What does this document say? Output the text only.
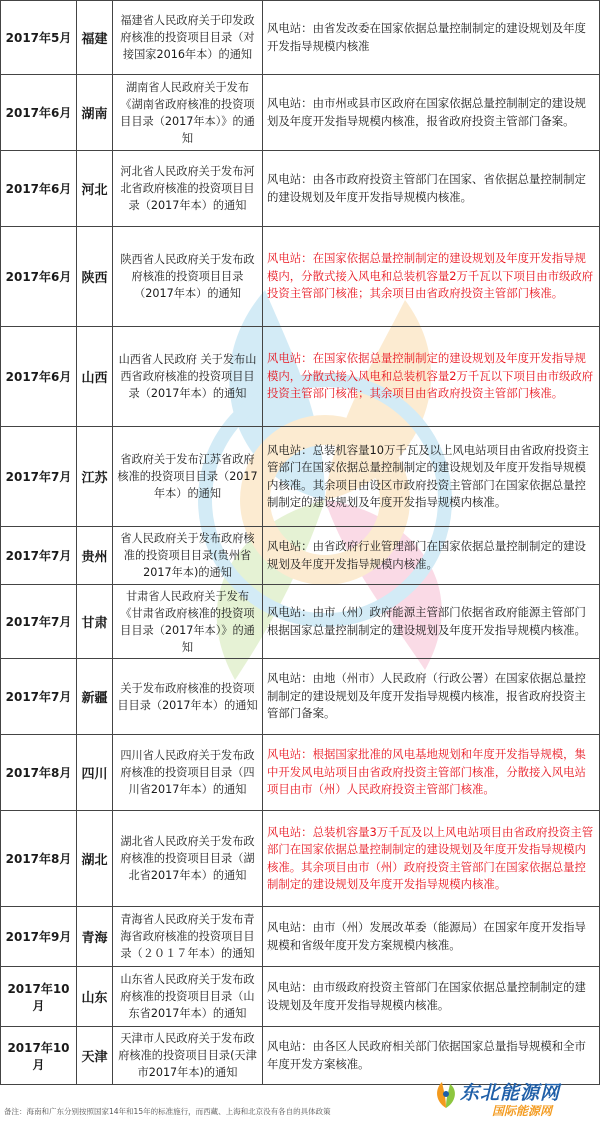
2017年5月	福建	福建省人民政府关于印发政府核准的投资项目目录（对接国家2016年本）的通知	风电站：由省发改委在国家依据总量控制制定的建设规划及年度开发指导规模内核准
2017年6月	湖南	湖南省人民政府关于发布《湖南省政府核准的投资项目目录（2017年本）》的通知	风电站：由市州或县市区政府在国家依据总量控制制定的建设规划及年度开发指导规模内核准，报省政府投资主管部门备案。
2017年6月	河北	河北省人民政府关于发布河北省政府核准的投资项目目录（2017年本）的通知	风电站：由各市政府投资主管部门在国家、省依据总量控制制定的建设规划及年度开发指导规模内核准。
2017年6月	陕西	陕西省人民政府关于发布政府核准的投资项目目录（2017年本）的通知	风电站：在国家依据总量控制制定的建设规划及年度开发指导规模内，分散式接入风电和总装机容量2万千瓦以下项目由市级政府投资主管部门核准；其余项目由省政府投资主管部门核准。
2017年6月	山西	山西省人民政府 关于发布山西省政府核准的投资项目目录（2017年本）的通知	风电站：在国家依据总量控制制定的建设规划及年度开发指导规模内，分散式接入风电和总装机容量2万千瓦以下项目由市级政府投资主管部门核准；其余项目由省政府投资主管部门核准。
2017年7月	江苏	省政府关于发布江苏省政府核准的投资项目目录（2017年本）的通知	风电站：总装机容量10万千瓦及以上风电站项目由省政府投资主管部门在国家依据总量控制制定的建设规划及年度开发指导规模内核准。其余项目由设区市政府投资主管部门在国家依据总量控制制定的建设规划及年度开发指导规模内核准。
2017年7月	贵州	省人民政府关于发布政府核准的投资项目目录(贵州省2017年本)的通知	风电站：由省政府行业管理部门在国家依据总量控制制定的建设规划及年度开发指导规模内核准。
2017年7月	甘肃	甘肃省人民政府关于发布《甘肃省政府核准的投资项目目录（2017年本）》的通知	风电站：由市（州）政府能源主管部门依据省政府能源主管部门根据国家总量控制制定的建设规划及年度开发指导规模内核准。
2017年7月	新疆	关于发布政府核准的投资项目目录（2017年本）的通知	风电站：由地（州市）人民政府（行政公署）在国家依据总量控制制定的建设规划及年度开发指导规模内核准，报省政府投资主管部门备案。
2017年8月	四川	四川省人民政府关于发布政府核准的投资项目目录（四川省2017年本）的通知	风电站：根据国家批准的风电基地规划和年度开发指导规模，集中开发风电站项目由省政府投资主管部门核准，分散接入风电站项目由市（州）人民政府投资主管部门核准。
2017年8月	湖北	湖北省人民政府关于发布政府核准的投资项目目录（湖北省2017年本）的通知	风电站：总装机容量3万千瓦及以上风电站项目由省政府投资主管部门在国家依据总量控制制定的建设规划及年度开发指导规模内核准。其余项目由市（州）政府投资主管部门在国家依据总量控制制定的建设规划及年度开发指导规模内核准。
2017年9月	青海	青海省人民政府关于发布青海省政府核准的投资项目目录（２０１７年本）的通知	风电站：由市（州）发展改革委（能源局）在国家年度开发指导规模和省级年度开发方案规模内核准。
2017年10月	山东	山东省人民政府关于发布政府核准的投资项目目录（山东省2017年本）的通知	风电站：由市级政府投资主管部门在国家依据总量控制制定的建设规划及年度开发指导规模内核准。
2017年10月	天津	天津市人民政府关于发布政府核准的投资项目目录(天津市2017年本)的通知	风电站：由各区人民政府相关部门依据国家总量指导规模和全市年度开发方案核准。
备注：海南和广东分别按照国家14年和15年的标准施行，而西藏、上海和北京没有各自的具体政策
东北能源网
国际能源网
